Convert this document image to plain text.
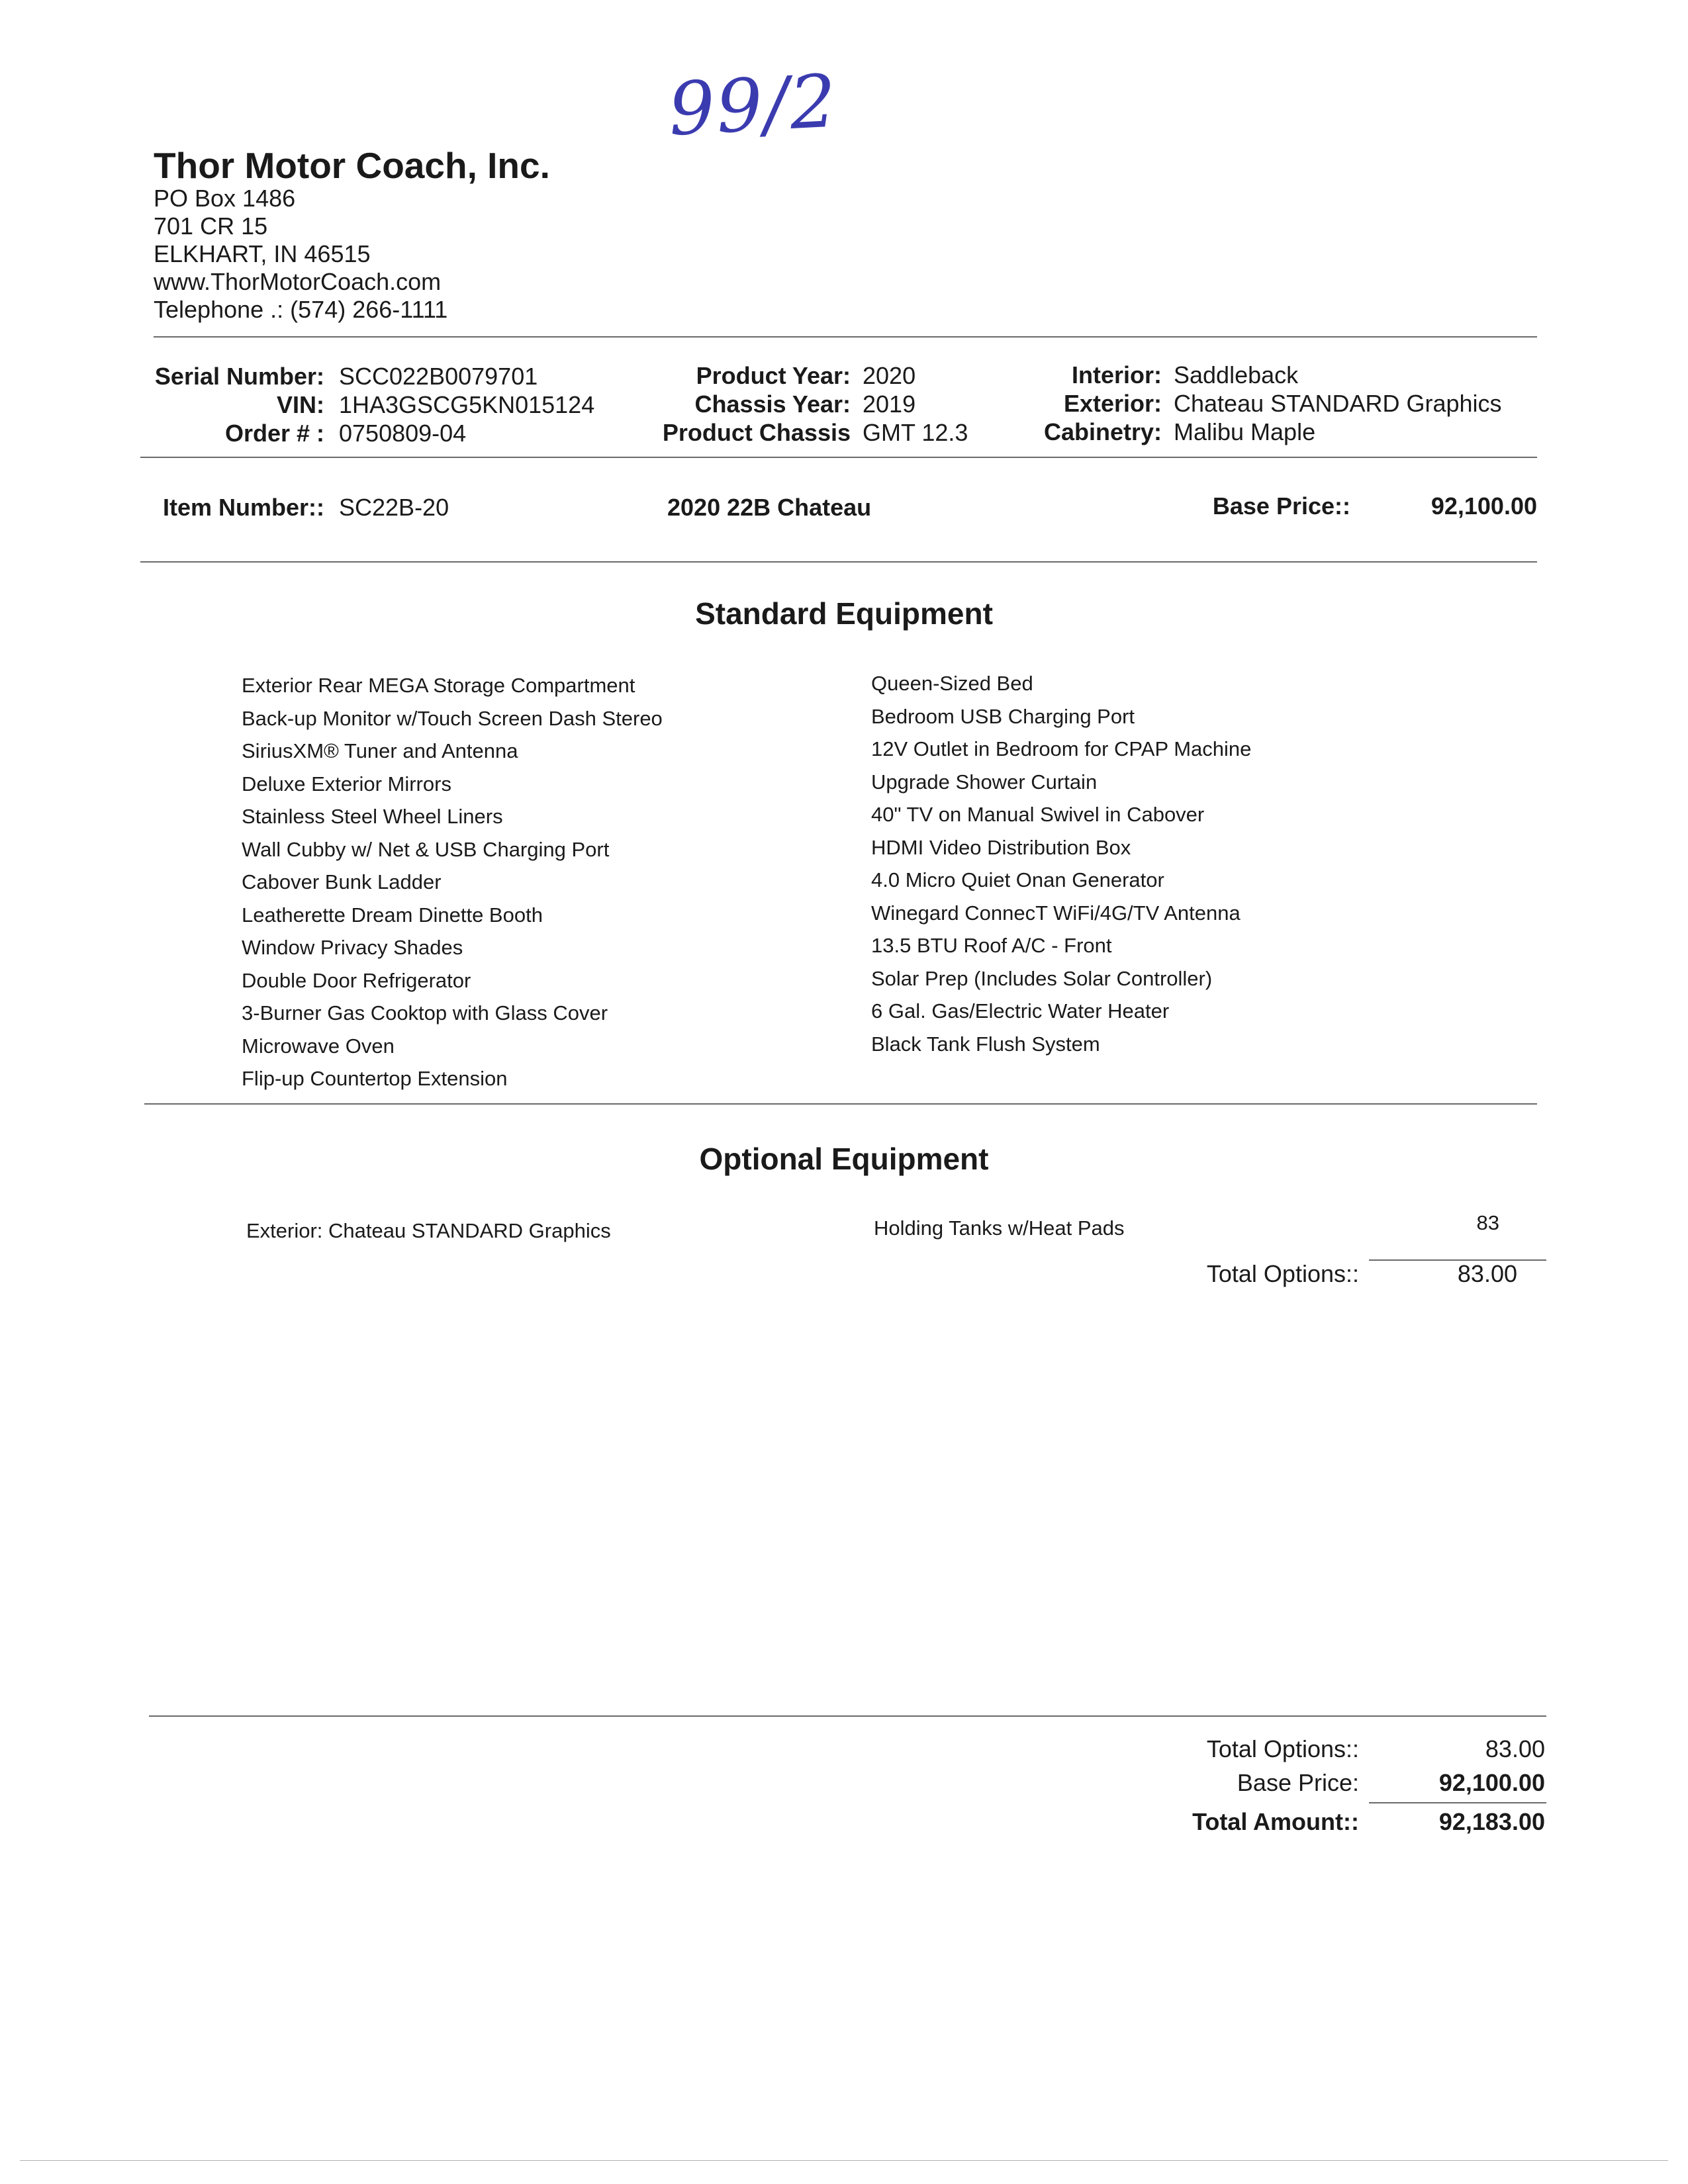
99/2
Thor Motor Coach, Inc.
PO Box 1486
701 CR 15
ELKHART, IN 46515
www.ThorMotorCoach.com
Telephone .: (574) 266-1111
Serial Number: SCC022B0079701
VIN: 1HA3GSCG5KN015124
Order # : 0750809-04
Product Year: 2020
Chassis Year: 2019
Product Chassis GMT 12.3
Interior: Saddleback
Exterior: Chateau STANDARD Graphics
Cabinetry: Malibu Maple
Item Number:: SC22B-20	2020 22B Chateau	Base Price::	92,100.00
Standard Equipment
Exterior Rear MEGA Storage Compartment
Back-up Monitor w/Touch Screen Dash Stereo
SiriusXM® Tuner and Antenna
Deluxe Exterior Mirrors
Stainless Steel Wheel Liners
Wall Cubby w/ Net & USB Charging Port
Cabover Bunk Ladder
Leatherette Dream Dinette Booth
Window Privacy Shades
Double Door Refrigerator
3-Burner Gas Cooktop with Glass Cover
Microwave Oven
Flip-up Countertop Extension
Queen-Sized Bed
Bedroom USB Charging Port
12V Outlet in Bedroom for CPAP Machine
Upgrade Shower Curtain
40" TV on Manual Swivel in Cabover
HDMI Video Distribution Box
4.0 Micro Quiet Onan Generator
Winegard ConnecT WiFi/4G/TV Antenna
13.5 BTU Roof A/C - Front
Solar Prep (Includes Solar Controller)
6 Gal. Gas/Electric Water Heater
Black Tank Flush System
Optional Equipment
Exterior: Chateau STANDARD Graphics	Holding Tanks w/Heat Pads	83
Total Options::	83.00
Total Options::	83.00
Base Price:	92,100.00
Total Amount::	92,183.00
